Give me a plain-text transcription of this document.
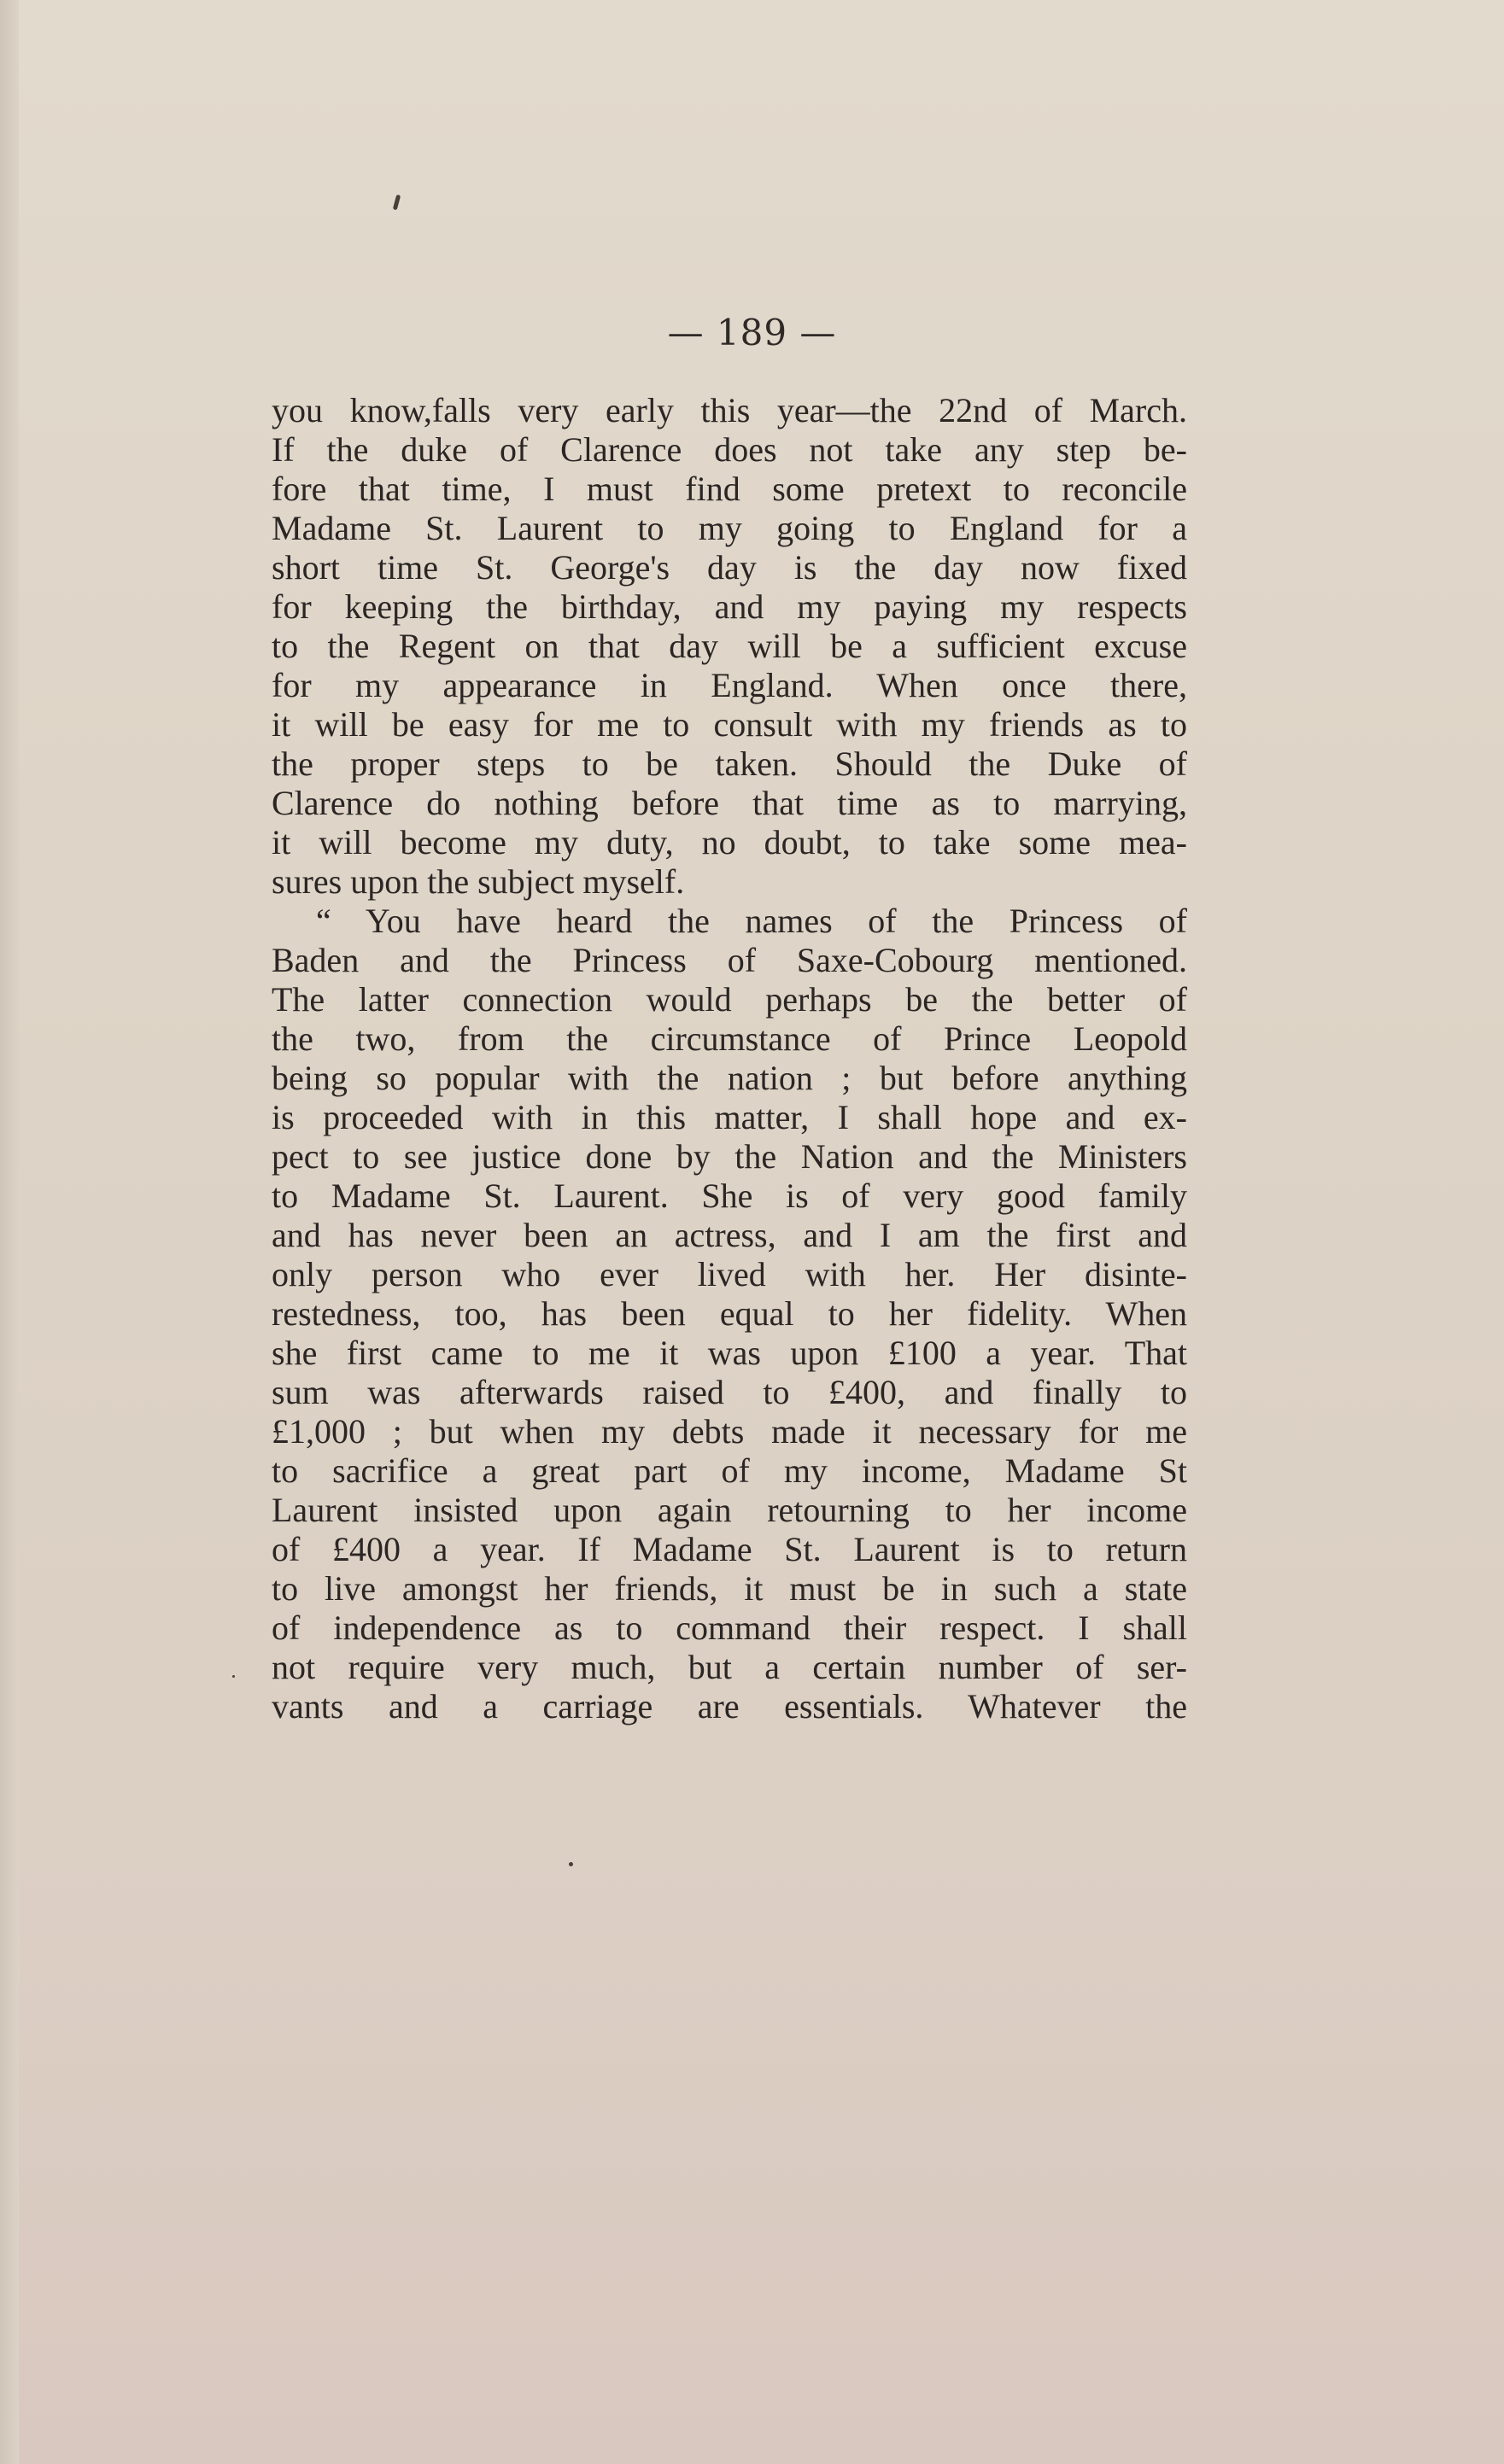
— 189 —
you know,falls very early this year—the 22nd of March.
If the duke of Clarence does not take any step be-
fore that time, I must find some pretext to reconcile
Madame St. Laurent to my going to England for a
short time St. George's day is the day now fixed
for keeping the birthday, and my paying my respects
to the Regent on that day will be a sufficient excuse
for my appearance in England. When once there,
it will be easy for me to consult with my friends as to
the proper steps to be taken. Should the Duke of
Clarence do nothing before that time as to marrying,
it will become my duty, no doubt, to take some mea-
sures upon the subject myself.
“ You have heard the names of the Princess of
Baden and the Princess of Saxe-Cobourg mentioned.
The latter connection would perhaps be the better of
the two, from the circumstance of Prince Leopold
being so popular with the nation ; but before anything
is proceeded with in this matter, I shall hope and ex-
pect to see justice done by the Nation and the Ministers
to Madame St. Laurent. She is of very good family
and has never been an actress, and I am the first and
only person who ever lived with her. Her disinte-
restedness, too, has been equal to her fidelity. When
she first came to me it was upon £100 a year. That
sum was afterwards raised to £400, and finally to
£1,000 ; but when my debts made it necessary for me
to sacrifice a great part of my income, Madame St
Laurent insisted upon again retourning to her income
of £400 a year. If Madame St. Laurent is to return
to live amongst her friends, it must be in such a state
of independence as to command their respect. I shall
not require very much, but a certain number of ser-
vants and a carriage are essentials. Whatever the
